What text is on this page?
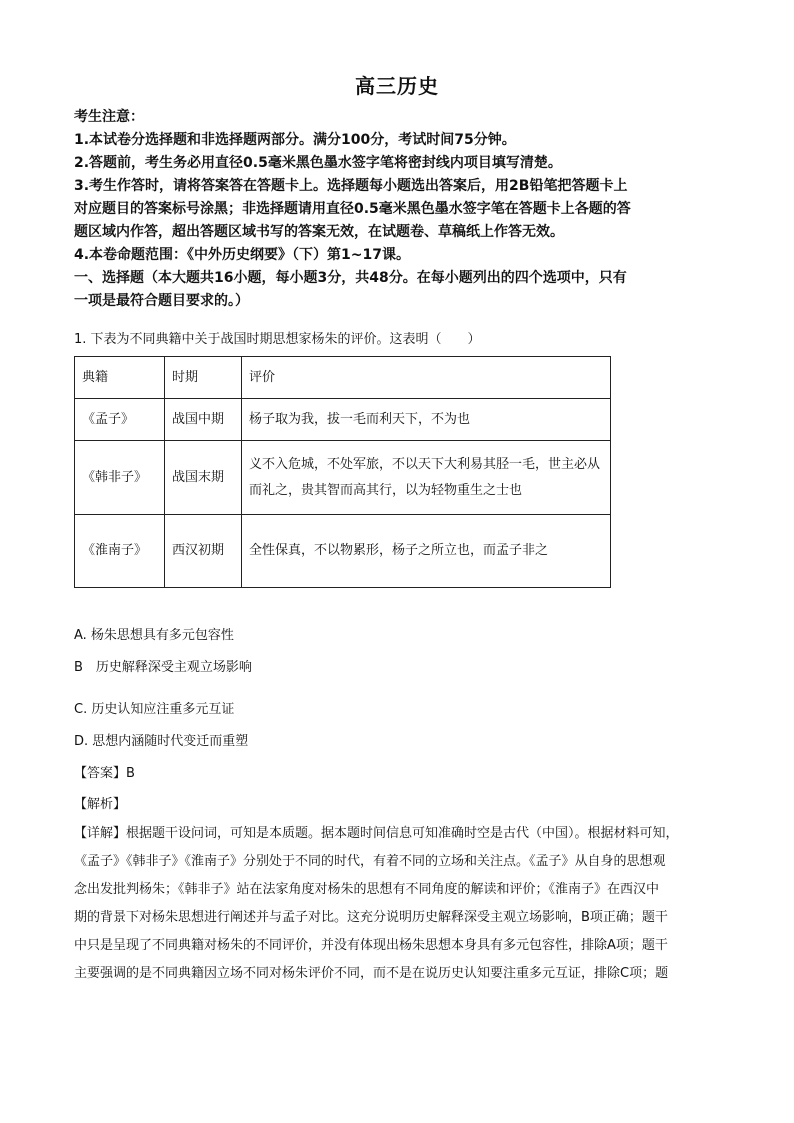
高三历史
考生注意：
1.本试卷分选择题和非选择题两部分。满分100分，考试时间75分钟。
2.答题前，考生务必用直径0.5毫米黑色墨水签字笔将密封线内项目填写清楚。
3.考生作答时，请将答案答在答题卡上。选择题每小题选出答案后，用2B铅笔把答题卡上
对应题目的答案标号涂黑；非选择题请用直径0.5毫米黑色墨水签字笔在答题卡上各题的答
题区域内作答，超出答题区域书写的答案无效，在试题卷、草稿纸上作答无效。
4.本卷命题范围：《中外历史纲要》（下）第1~17课。
一、选择题（本大题共16小题，每小题3分，共48分。在每小题列出的四个选项中，只有
一项是最符合题目要求的。）
1. 下表为不同典籍中关于战国时期思想家杨朱的评价。这表明（　　）
典籍	时期	评价
《孟子》	战国中期	杨子取为我，拔一毛而利天下，不为也
《韩非子》	战国末期	义不入危城，不处军旅，不以天下大利易其胫一毛，世主必从而礼之，贵其智而高其行，以为轻物重生之士也
《淮南子》	西汉初期	全性保真，不以物累形，杨子之所立也，而孟子非之
A. 杨朱思想具有多元包容性
B　历史解释深受主观立场影响
C. 历史认知应注重多元互证
D. 思想内涵随时代变迁而重塑
【答案】B
【解析】
【详解】根据题干设问词，可知是本质题。据本题时间信息可知准确时空是古代（中国）。根据材料可知，
《孟子》《韩非子》《淮南子》分别处于不同的时代，有着不同的立场和关注点。《孟子》从自身的思想观
念出发批判杨朱；《韩非子》站在法家角度对杨朱的思想有不同角度的解读和评价；《淮南子》在西汉中
期的背景下对杨朱思想进行阐述并与孟子对比。这充分说明历史解释深受主观立场影响，B项正确；题干
中只是呈现了不同典籍对杨朱的不同评价，并没有体现出杨朱思想本身具有多元包容性，排除A项；题干
主要强调的是不同典籍因立场不同对杨朱评价不同，而不是在说历史认知要注重多元互证，排除C项；题
